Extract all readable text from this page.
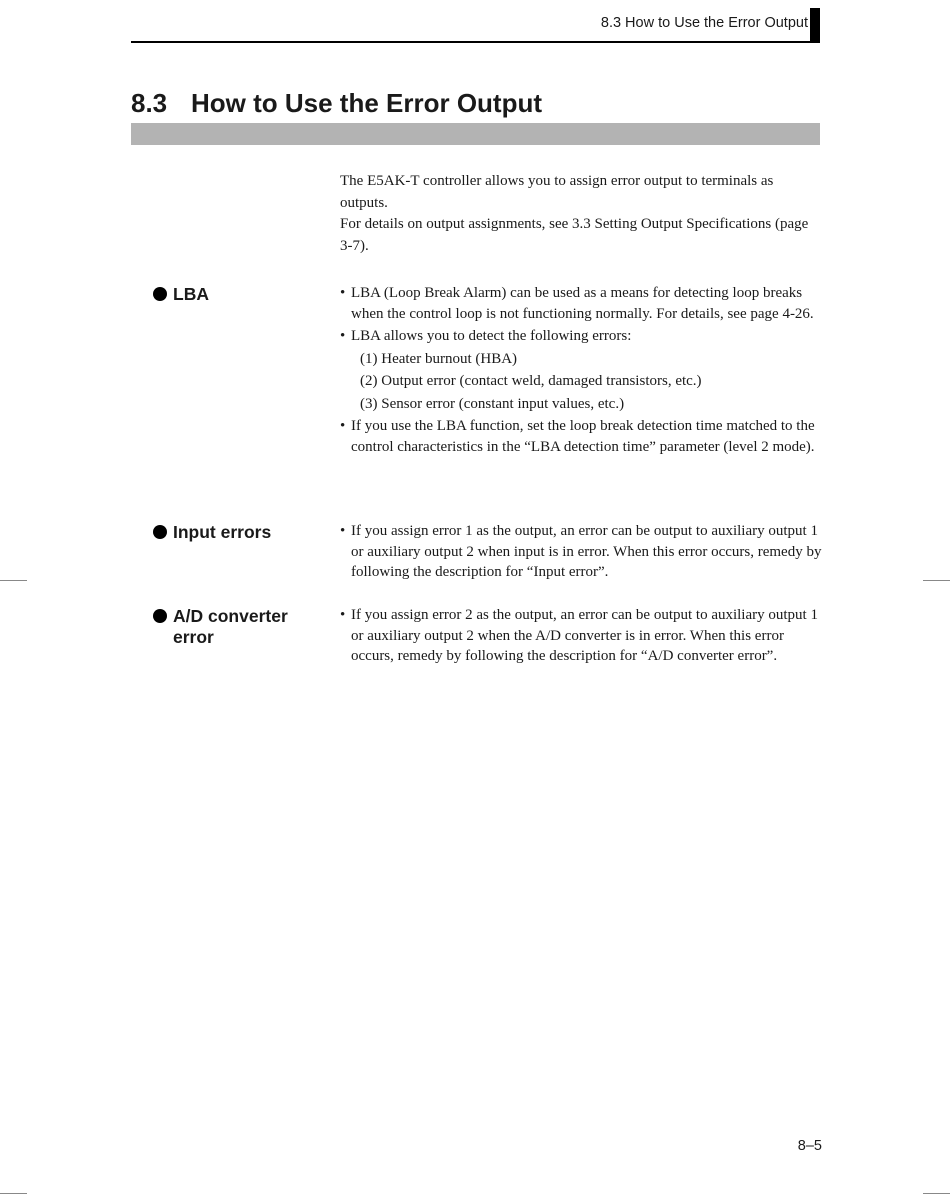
8.3 How to Use the Error Output
8.3 How to Use the Error Output

The E5AK-T controller allows you to assign error output to terminals as outputs.

For details on output assignments, see 3.3 Setting Output Specifications (page 3-7).

LBA	• LBA (Loop Break Alarm) can be used as a means for detecting loop breaks when the control loop is not functioning normally. For details, see page 4-26.
• LBA allows you to detect the following errors:
(1) Heater burnout (HBA)
(2) Output error (contact weld, damaged transistors, etc.)
(3) Sensor error (constant input values, etc.)
• If you use the LBA function, set the loop break detection time matched to the control characteristics in the “LBA detection time” parameter (level 2 mode).
Input errors	• If you assign error 1 as the output, an error can be output to auxiliary output 1 or auxiliary output 2 when input is in error. When this error occurs, remedy by following the description for “Input error”.
A/D converter
error
• If you assign error 2 as the output, an error can be output to auxiliary output 1 or auxiliary output 2 when the A/D converter is in error. When this error occurs, remedy by following the description for “A/D converter error”.
8–5
